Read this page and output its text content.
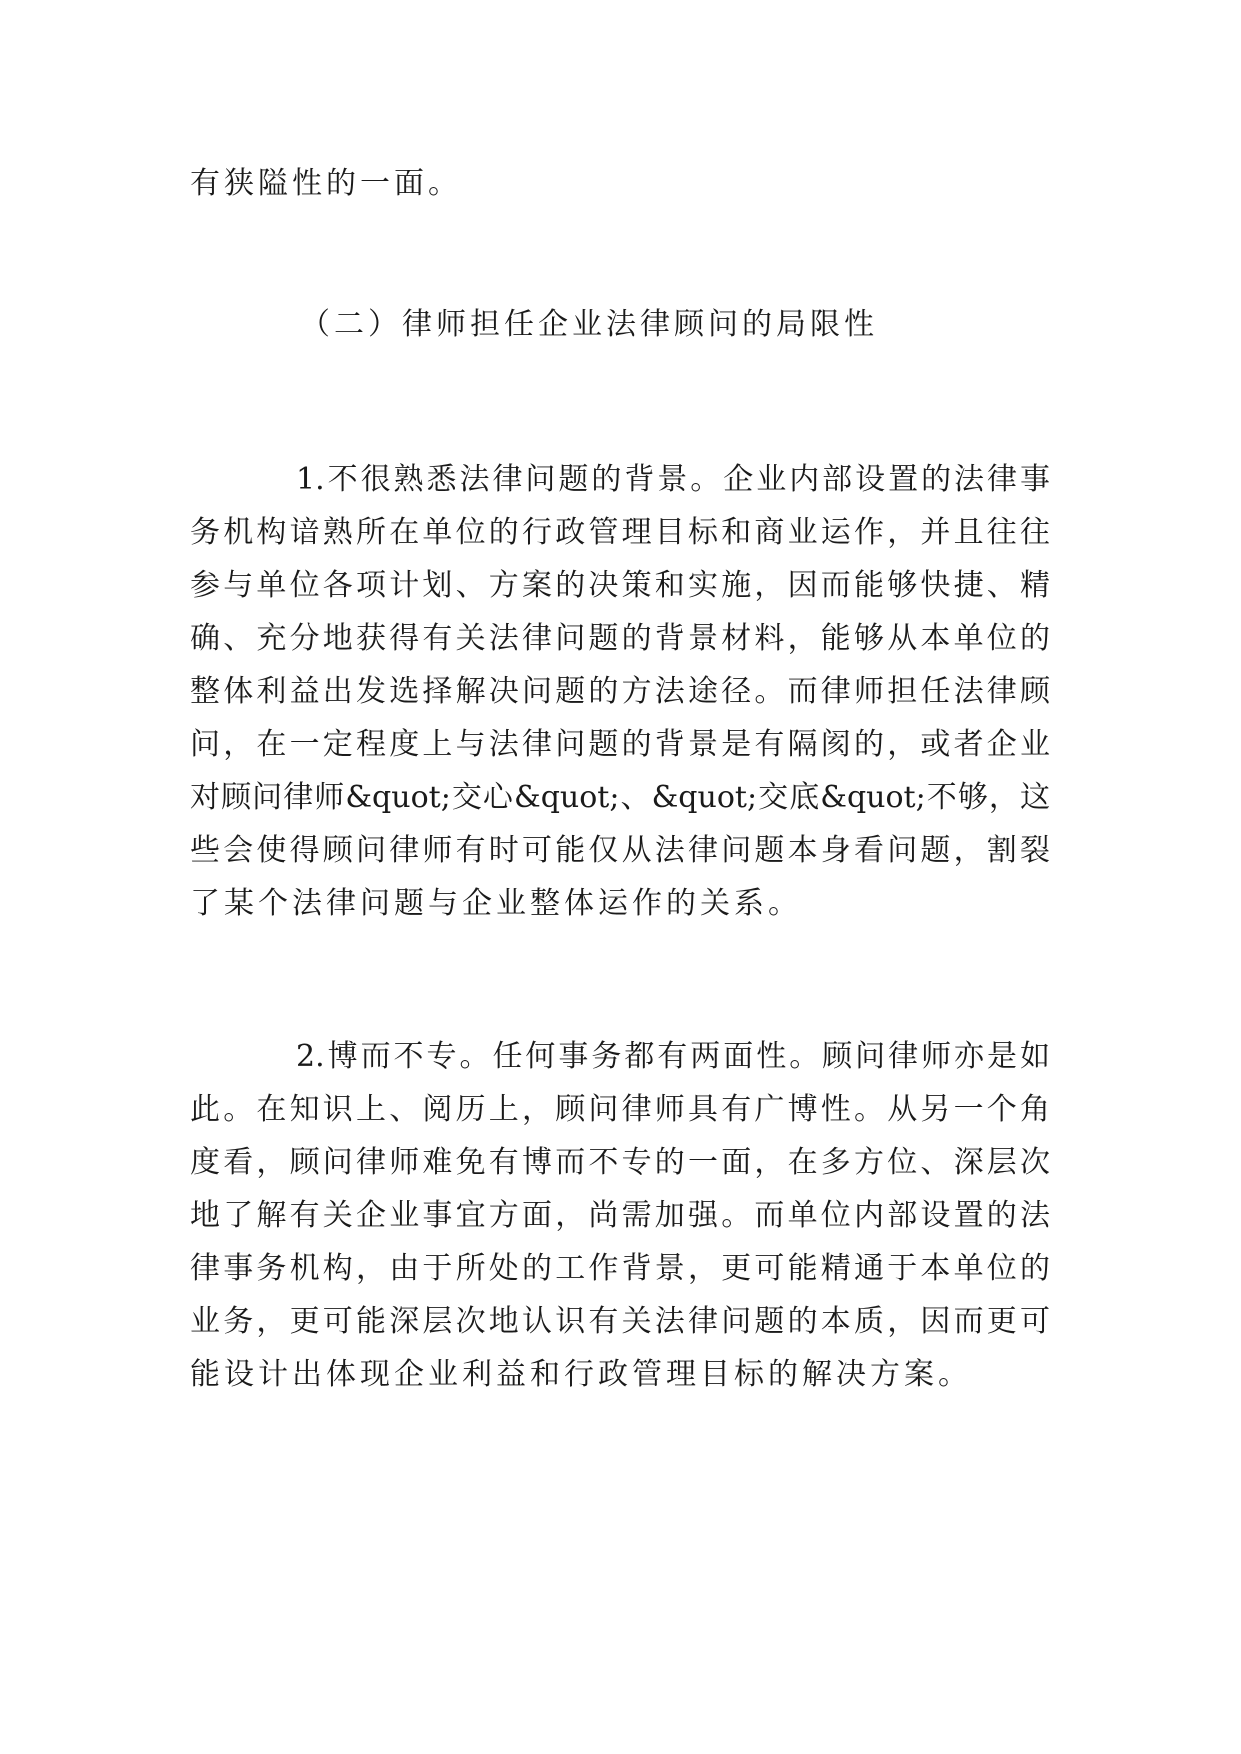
有狭隘性的一面。

（二）律师担任企业法律顾问的局限性

1.不很熟悉法律问题的背景。企业内部设置的法律事

务机构谙熟所在单位的行政管理目标和商业运作，并且往往

参与单位各项计划、方案的决策和实施，因而能够快捷、精

确、充分地获得有关法律问题的背景材料，能够从本单位的

整体利益出发选择解决问题的方法途径。而律师担任法律顾

问，在一定程度上与法律问题的背景是有隔阂的，或者企业

对顾问律师&quot;交心&quot;、&quot;交底&quot;不够，这

些会使得顾问律师有时可能仅从法律问题本身看问题，割裂

了某个法律问题与企业整体运作的关系。

2.博而不专。任何事务都有两面性。顾问律师亦是如

此。在知识上、阅历上，顾问律师具有广博性。从另一个角

度看，顾问律师难免有博而不专的一面，在多方位、深层次

地了解有关企业事宜方面，尚需加强。而单位内部设置的法

律事务机构，由于所处的工作背景，更可能精通于本单位的

业务，更可能深层次地认识有关法律问题的本质，因而更可

能设计出体现企业利益和行政管理目标的解决方案。
